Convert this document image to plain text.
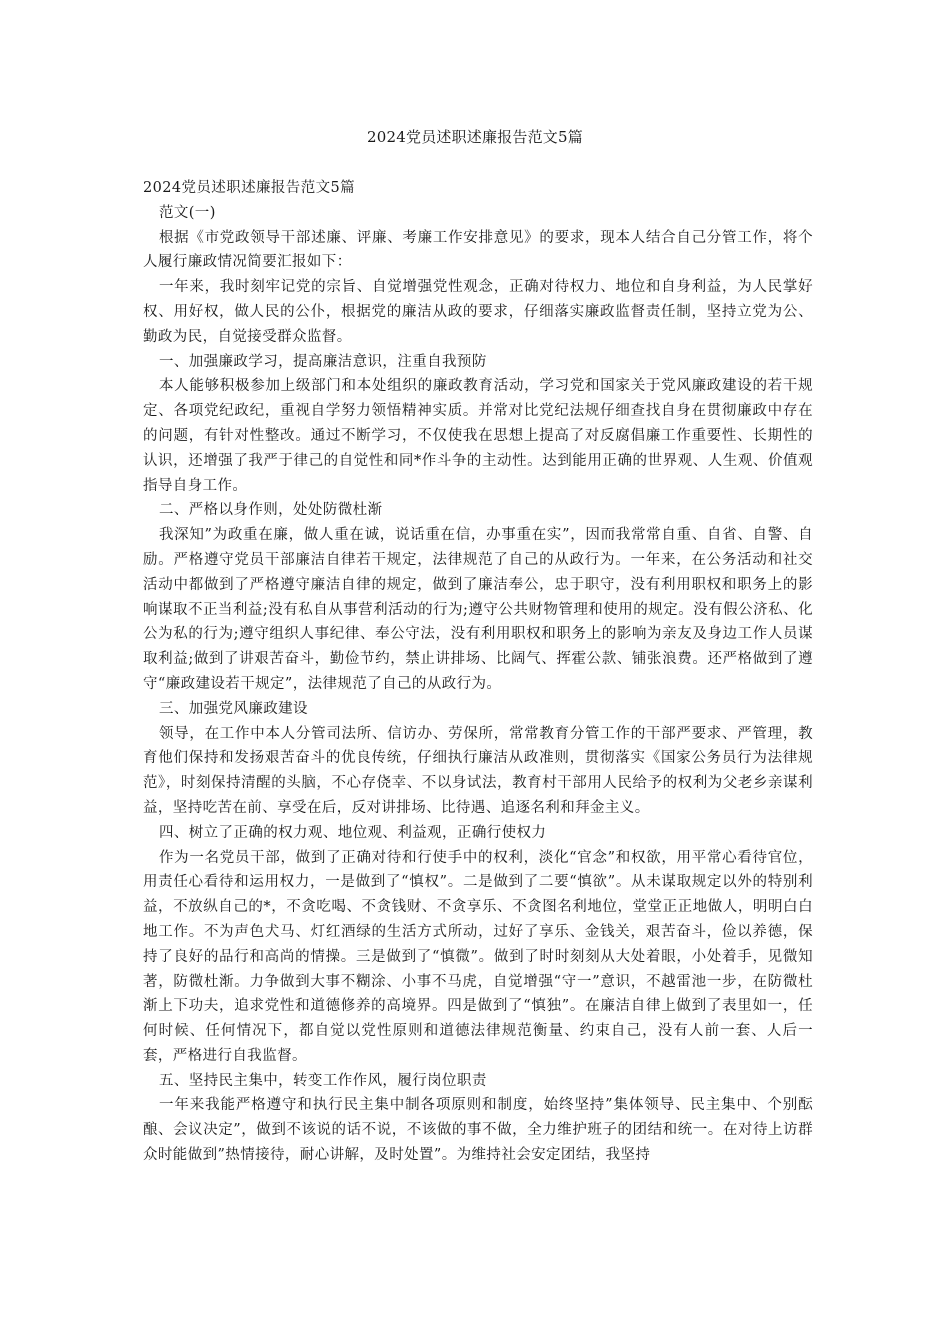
2024党员述职述廉报告范文5篇

2024党员述职述廉报告范文5篇

范文(一)

根据《市党政领导干部述廉、评廉、考廉工作安排意见》的要求，现本人结合自己分管工作，将个人履行廉政情况简要汇报如下：

一年来，我时刻牢记党的宗旨、自觉增强党性观念，正确对待权力、地位和自身利益，为人民掌好权、用好权，做人民的公仆，根据党的廉洁从政的要求，仔细落实廉政监督责任制，坚持立党为公、勤政为民，自觉接受群众监督。

一、加强廉政学习，提高廉洁意识，注重自我预防

本人能够积极参加上级部门和本处组织的廉政教育活动，学习党和国家关于党风廉政建设的若干规定、各项党纪政纪，重视自学努力领悟精神实质。并常对比党纪法规仔细查找自身在贯彻廉政中存在的问题，有针对性整改。通过不断学习，不仅使我在思想上提高了对反腐倡廉工作重要性、长期性的认识，还增强了我严于律己的自觉性和同*作斗争的主动性。达到能用正确的世界观、人生观、价值观指导自身工作。

二、严格以身作则，处处防微杜渐

我深知”为政重在廉，做人重在诚，说话重在信，办事重在实”，因而我常常自重、自省、自警、自励。严格遵守党员干部廉洁自律若干规定，法律规范了自己的从政行为。一年来，在公务活动和社交活动中都做到了严格遵守廉洁自律的规定，做到了廉洁奉公，忠于职守，没有利用职权和职务上的影响谋取不正当利益;没有私自从事营利活动的行为;遵守公共财物管理和使用的规定。没有假公济私、化公为私的行为;遵守组织人事纪律、奉公守法，没有利用职权和职务上的影响为亲友及身边工作人员谋取利益;做到了讲艰苦奋斗，勤俭节约，禁止讲排场、比阔气、挥霍公款、铺张浪费。还严格做到了遵守“廉政建设若干规定”，法律规范了自己的从政行为。

三、加强党风廉政建设

领导，在工作中本人分管司法所、信访办、劳保所，常常教育分管工作的干部严要求、严管理，教育他们保持和发扬艰苦奋斗的优良传统，仔细执行廉洁从政准则，贯彻落实《国家公务员行为法律规范》，时刻保持清醒的头脑，不心存侥幸、不以身试法，教育村干部用人民给予的权利为父老乡亲谋利益，坚持吃苦在前、享受在后，反对讲排场、比待遇、追逐名利和拜金主义。

四、树立了正确的权力观、地位观、利益观，正确行使权力

作为一名党员干部，做到了正确对待和行使手中的权利，淡化“官念”和权欲，用平常心看待官位，用责任心看待和运用权力，一是做到了“慎权”。二是做到了二要“慎欲”。从未谋取规定以外的特别利益，不放纵自己的*，不贪吃喝、不贪钱财、不贪享乐、不贪图名利地位，堂堂正正地做人，明明白白地工作。不为声色犬马、灯红酒绿的生活方式所动，过好了享乐、金钱关，艰苦奋斗，俭以养德，保持了良好的品行和高尚的情操。三是做到了“慎微”。做到了时时刻刻从大处着眼，小处着手，见微知著，防微杜渐。力争做到大事不糊涂、小事不马虎，自觉增强“守一”意识，不越雷池一步，在防微杜渐上下功夫，追求党性和道德修养的高境界。四是做到了“慎独”。在廉洁自律上做到了表里如一，任何时候、任何情况下，都自觉以党性原则和道德法律规范衡量、约束自己，没有人前一套、人后一套，严格进行自我监督。

五、坚持民主集中，转变工作作风，履行岗位职责

一年来我能严格遵守和执行民主集中制各项原则和制度，始终坚持”集体领导、民主集中、个别酝酿、会议决定”，做到不该说的话不说，不该做的事不做，全力维护班子的团结和统一。在对待上访群众时能做到”热情接待，耐心讲解，及时处置”。为维持社会安定团结，我坚持
